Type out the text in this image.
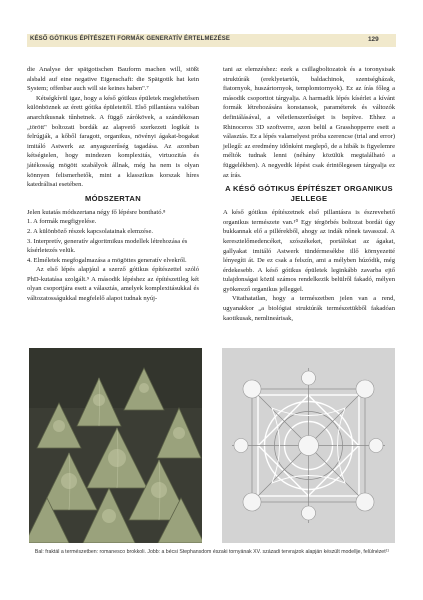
KÉSŐ GÓTIKUS ÉPÍTÉSZETI FORMÁK GENERATÍV ÉRTELMEZÉSE	129

die Analyse der spätgotischen Bauform machen will, stößt alsbald auf eine negative Eigenschaft: die Spätgotik hat kein System; offenbar auch will sie keines haben".⁷

Kétségkívül igaz, hogy a késő gótikus épületek meglehetősen különböznek az érett gótika épületeitől. Első pillantásra valóban anarchikusnak tűnhetnek. A függő zárókövek, a szándékosan „törött" boltozati bordák az alapvető szerkezeti logikát is felrúgják, a kőből faragott, organikus, növényi ágakat-bogakat imitáló Astwerk az anyagszerűség tagadása. Az azonban kétségtelen, hogy mindezen komplexitás, virtuozitás és játékosság mögött szabályok állnak, még ha nem is olyan könnyen felismerhetők, mint a klasszikus korszak híres katedrálisai esetében.

MÓDSZERTAN

Jelen kutatás módszertana négy fő lépésre bontható.⁸

1. A formák megfigyelése.
2. A különböző részek kapcsolatainak elemzése.
3. Interpretív, generatív algoritmikus modellek létrehozása és kísérletezés velük.
4. Elméletek megfogalmazása a mögöttes generatív elvekről.

Az első lépés alapjául a szerző gótikus építészettel szóló PhD-kutatása szolgált.⁹ A második lépéshez az építészetileg két olyan csoportjára esett a választás, amelyek komplexitásukkal és változatosságukkal megfelelő alapot tudnak nyúj-

tani az elemzéshez: ezek a csillagboltozatok és a toronysisak struktúrák (ereklyetartók, baldachinok, szentségházak, fiatornyok, huszártornyok, templomtornyok). Ez az írás főleg a második csoporttot tárgyalja. A harmadik lépés kísérlet a kívánt formák létrehozására konstansok, paraméterek és változók definiálásával, a véletlenszerűséget is bepítve. Ehhez a Rhinoceros 3D szoftverre, azon belül a Grasshopperre esett a választás. Ez a lépés valamelyest próba szerencse (trial and error) jellegű: az eredmény időnként meglepő, de a hibák is figyelemre méltók tudnak lenni (néhány közülük megtalálható a függelékben). A negyedik lépést csak érintőlegesen tárgyalja ez az írás.

A KÉSŐ GÓTIKUS ÉPÍTÉSZET ORGANIKUS JELLEGE

A késő gótikus építészetnek első pillantásra is észrevehető organikus természete van.¹⁰ Egy térgörbés boltozat bordái úgy bukkannak elő a pillérekből, ahogy az indák nőnek tavasszal. A keresztelőmedencéket, szószékeket, portálokat az ágakat, gallyakat imitáló Astwerk tündérmesékbe illő környezetté lényegíti át. De ez csak a felszín, ami a mélyben húzódik, még érdekesebb. A késő gótikus épületek leginkább zavarba ejtő tulajdonságai közül számos rendelkezik belülről fakadó, mélyen gyökerező organikus jelleggel.

Vitathatatlan, hogy a természetben jelen van a rend, ugyanakkor „a biológiai struktúrák természetükből fakadóan kaotikusak, nemlineárisak,

Bal: fraktál a természetben: romanesco brokkoli. Jobb: a bécsi Stephansdom északi tornyának XV. századi tervrajzok alapján készült modellje, felülnézet¹¹
